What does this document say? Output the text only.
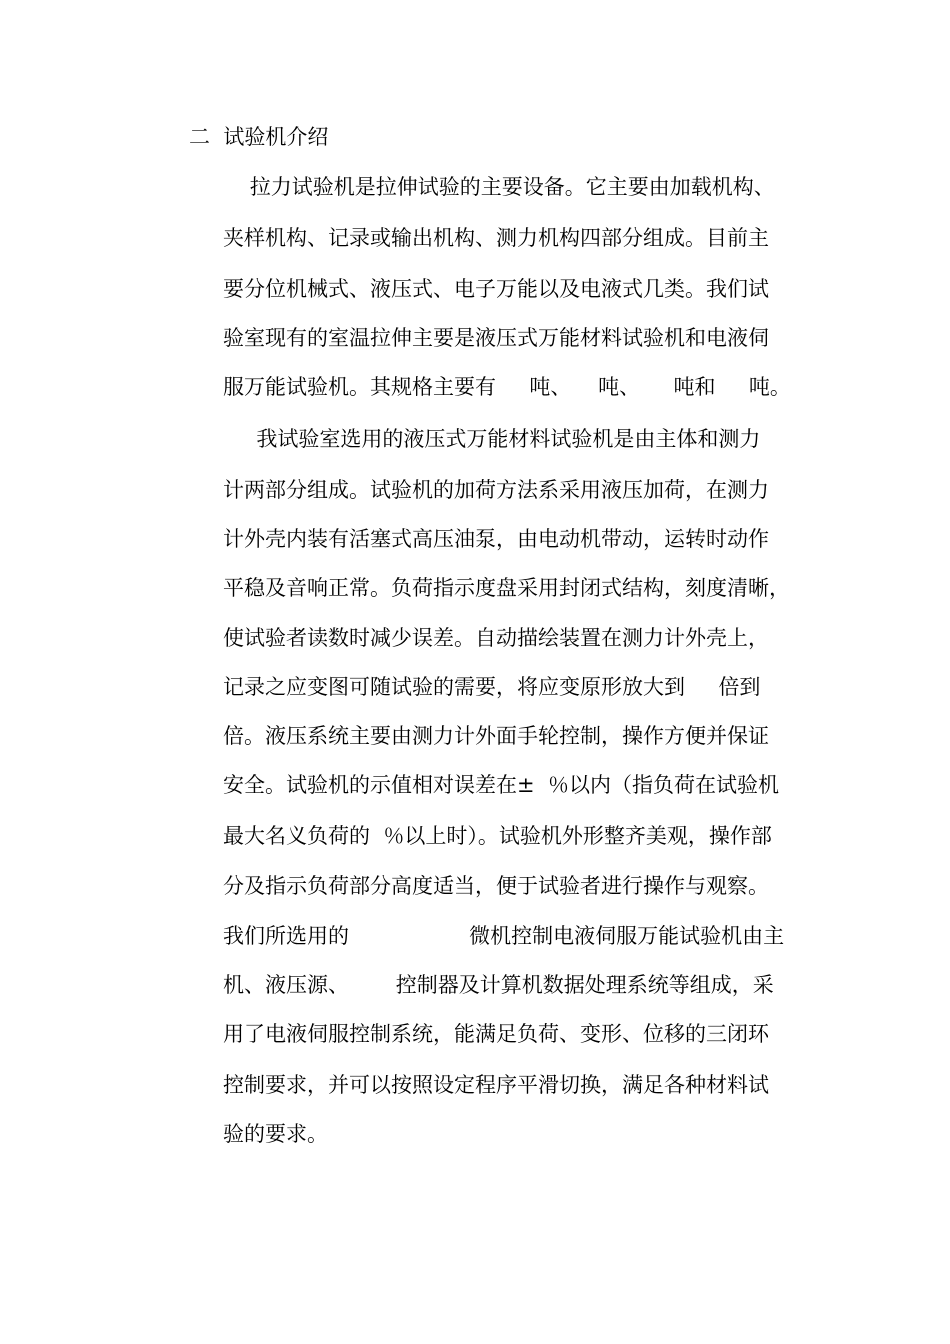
二  试验机介绍
拉力试验机是拉伸试验的主要设备。它主要由加载机构、
夹样机构、记录或输出机构、测力机构四部分组成。目前主
要分位机械式、液压式、电子万能以及电液式几类。我们试
验室现有的室温拉伸主要是液压式万能材料试验机和电液伺
服万能试验机。其规格主要有     吨、    吨、     吨和     吨。
我试验室选用的液压式万能材料试验机是由主体和测力
计两部分组成。试验机的加荷方法系采用液压加荷，在测力
计外壳内装有活塞式高压油泵，由电动机带动，运转时动作
平稳及音响正常。负荷指示度盘采用封闭式结构，刻度清晰，
使试验者读数时减少误差。自动描绘装置在测力计外壳上，
记录之应变图可随试验的需要，将应变原形放大到     倍到
倍。液压系统主要由测力计外面手轮控制，操作方便并保证
安全。试验机的示值相对误差在±  ％以内（指负荷在试验机
最大名义负荷的  ％以上时）。试验机外形整齐美观，操作部
分及指示负荷部分高度适当，便于试验者进行操作与观察。
我们所选用的                  微机控制电液伺服万能试验机由主
机、液压源、       控制器及计算机数据处理系统等组成，采
用了电液伺服控制系统，能满足负荷、变形、位移的三闭环
控制要求，并可以按照设定程序平滑切换，满足各种材料试
验的要求。
